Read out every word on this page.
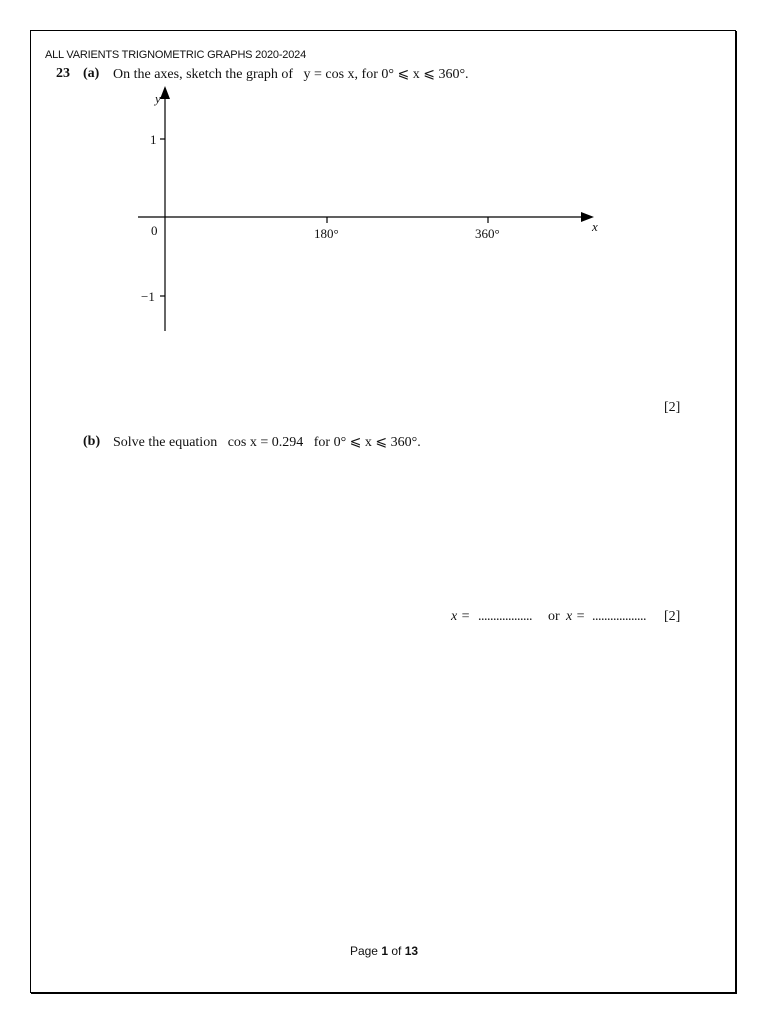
ALL VARIENTS TRIGNOMETRIC GRAPHS 2020-2024
23 (a) On the axes, sketch the graph of   y = cos x, for 0° ⩽ x ⩽ 360°.
y
x
1
−1
0	180°	360°
[2]
(b) Solve the equation   cos x = 0.294   for 0° ⩽ x ⩽ 360°.
x = .................. or x = .................. [2]
Page 1 of 13
